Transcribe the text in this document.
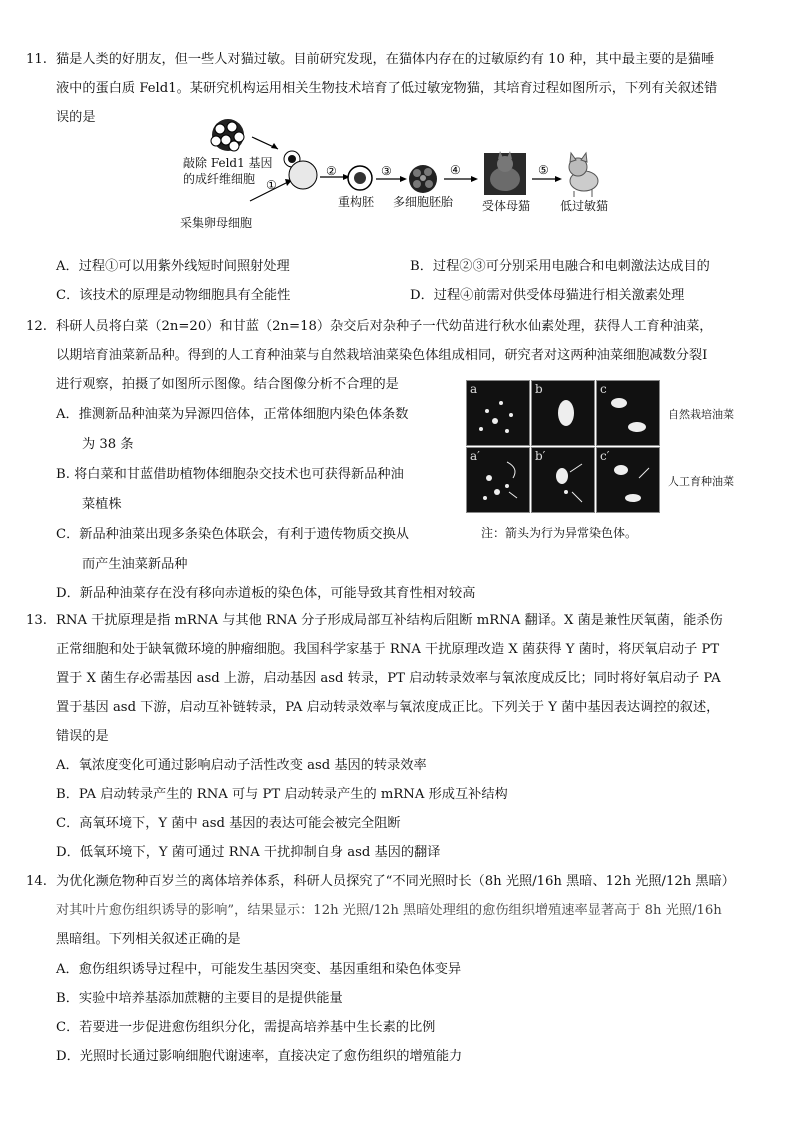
11. 猫是人类的好朋友，但一些人对猫过敏。目前研究发现，在猫体内存在的过敏原约有 10 种，其中最主要的是猫唾
液中的蛋白质 Feld1。某研究机构运用相关生物技术培育了低过敏宠物猫，其培育过程如图所示，下列有关叙述错
误的是
①
②	③	④	⑤
敲除 Feld1 基因
的成纤维细胞
采集卵母细胞
重构胚 多细胞胚胎 受体母猫 低过敏猫
A．过程①可以用紫外线短时间照射处理	B．过程②③可分别采用电融合和电刺激法达成目的
C．该技术的原理是动物细胞具有全能性	D．过程④前需对供受体母猫进行相关激素处理
12. 科研人员将白菜（2n=20）和甘蓝（2n=18）杂交后对杂种子一代幼苗进行秋水仙素处理，获得人工育种油菜，
以期培育油菜新品种。得到的人工育种油菜与自然栽培油菜染色体组成相同，研究者对这两种油菜细胞减数分裂Ⅰ
进行观察，拍摄了如图所示图像。结合图像分析不合理的是
A．推测新品种油菜为异源四倍体，正常体细胞内染色体条数
为 38 条
B. 将白菜和甘蓝借助植物体细胞杂交技术也可获得新品种油
菜植株
C．新品种油菜出现多条染色体联会，有利于遗传物质交换从
而产生油菜新品种
D．新品种油菜存在没有移向赤道板的染色体，可能导致其育性相对较高
a	b	c
a′	b′	c′
自然栽培油菜
人工育种油菜
注：箭头为行为异常染色体。
13. RNA 干扰原理是指 mRNA 与其他 RNA 分子形成局部互补结构后阻断 mRNA 翻译。X 菌是兼性厌氧菌，能杀伤
正常细胞和处于缺氧微环境的肿瘤细胞。我国科学家基于 RNA 干扰原理改造 X 菌获得 Y 菌时，将厌氧启动子 PT
置于 X 菌生存必需基因 asd 上游，启动基因 asd 转录，PT 启动转录效率与氧浓度成反比；同时将好氧启动子 PA
置于基因 asd 下游，启动互补链转录，PA 启动转录效率与氧浓度成正比。下列关于 Y 菌中基因表达调控的叙述，
错误的是
A．氧浓度变化可通过影响启动子活性改变 asd 基因的转录效率
B．PA 启动转录产生的 RNA 可与 PT 启动转录产生的 mRNA 形成互补结构
C．高氧环境下，Y 菌中 asd 基因的表达可能会被完全阻断
D．低氧环境下，Y 菌可通过 RNA 干扰抑制自身 asd 基因的翻译
14. 为优化濒危物种百岁兰的离体培养体系，科研人员探究了“不同光照时长（8h 光照/16h 黑暗、12h 光照/12h 黑暗）
对其叶片愈伤组织诱导的影响”，结果显示：12h 光照/12h 黑暗处理组的愈伤组织增殖速率显著高于 8h 光照/16h
黑暗组。下列相关叙述正确的是
A．愈伤组织诱导过程中，可能发生基因突变、基因重组和染色体变异
B．实验中培养基添加蔗糖的主要目的是提供能量
C．若要进一步促进愈伤组织分化，需提高培养基中生长素的比例
D．光照时长通过影响细胞代谢速率，直接决定了愈伤组织的增殖能力
